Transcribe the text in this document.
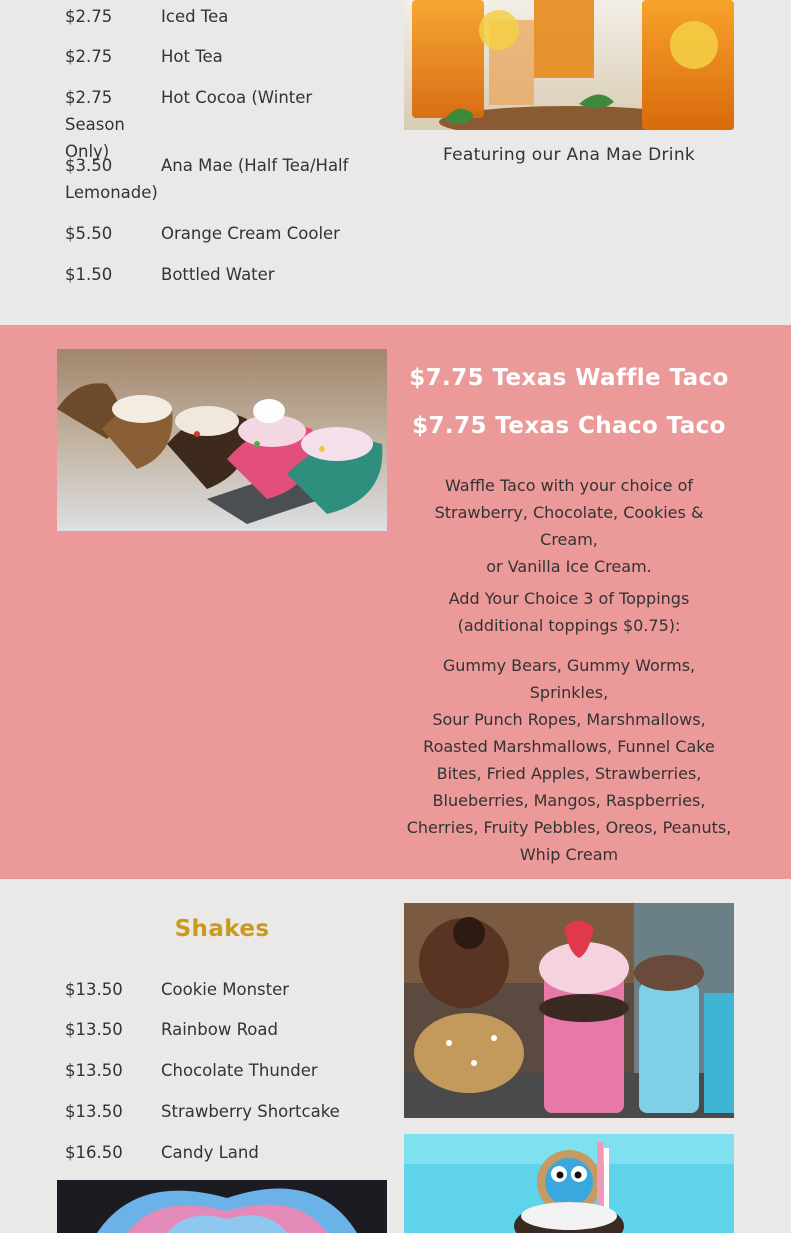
$2.75	Iced Tea
$2.75	Hot Tea
$2.75	Hot Cocoa (Winter Season
Only)
$3.50	Ana Mae (Half Tea/Half
Lemonade)
$5.50	Orange Cream Cooler
$1.50	Bottled Water
Featuring our Ana Mae Drink
$7.75 Texas Waffle Taco
$7.75 Texas Chaco Taco
Waffle Taco with your choice of
Strawberry, Chocolate, Cookies & Cream,
or Vanilla Ice Cream.
Add Your Choice 3 of Toppings
(additional toppings $0.75):
Gummy Bears, Gummy Worms, Sprinkles,
Sour Punch Ropes, Marshmallows,
Roasted Marshmallows, Funnel Cake
Bites, Fried Apples, Strawberries,
Blueberries, Mangos, Raspberries,
Cherries, Fruity Pebbles, Oreos, Peanuts,
Whip Cream
Shakes
$13.50 Cookie Monster
$13.50 Rainbow Road
$13.50 Chocolate Thunder
$13.50 Strawberry Shortcake
$16.50 Candy Land
